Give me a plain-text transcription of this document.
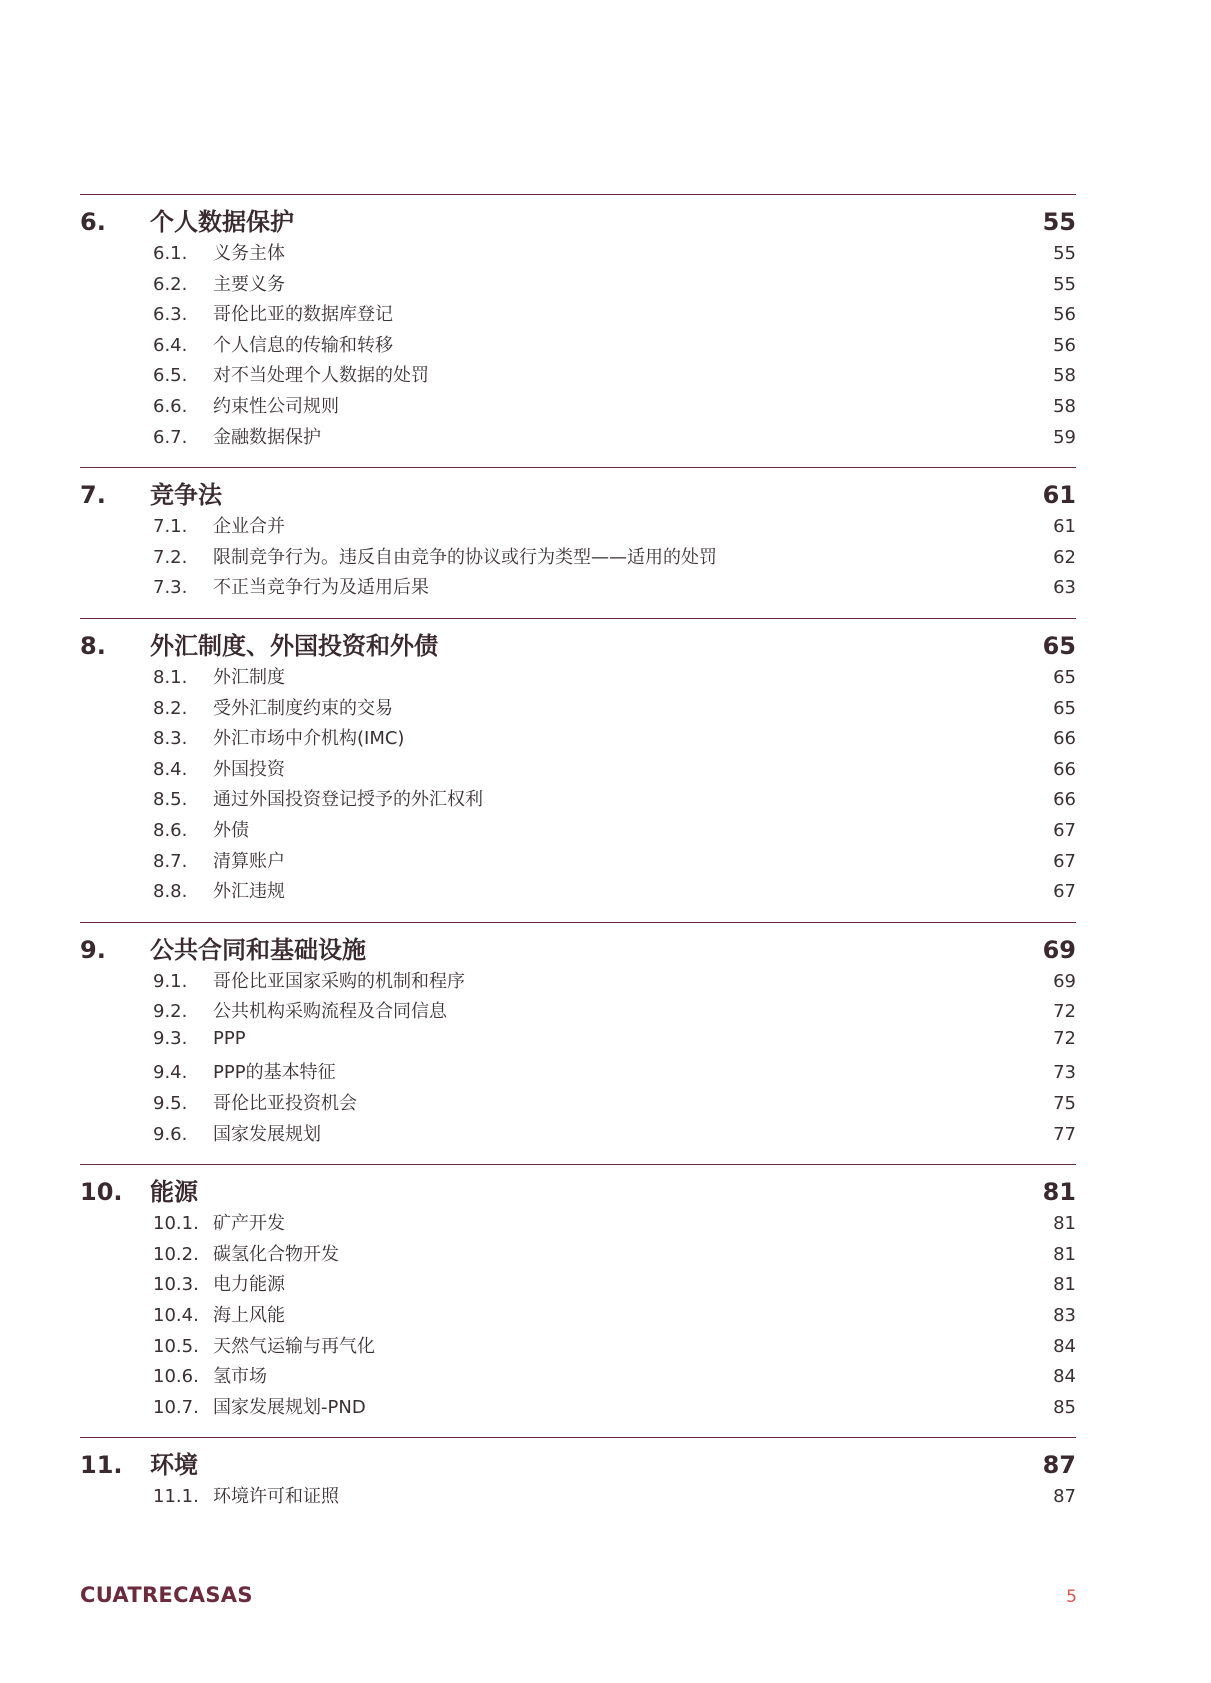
6.	个人数据保护	55
6.1.	义务主体	55
6.2.	主要义务	55
6.3.	哥伦比亚的数据库登记	56
6.4.	个人信息的传输和转移	56
6.5.	对不当处理个人数据的处罚	58
6.6.	约束性公司规则	58
6.7.	金融数据保护	59
7.	竞争法	61
7.1.	企业合并	61
7.2.	限制竞争行为。违反自由竞争的协议或行为类型——适用的处罚	62
7.3.	不正当竞争行为及适用后果	63
8.	外汇制度、外国投资和外债	65
8.1.	外汇制度	65
8.2.	受外汇制度约束的交易	65
8.3.	外汇市场中介机构(IMC)	66
8.4.	外国投资	66
8.5.	通过外国投资登记授予的外汇权利	66
8.6.	外债	67
8.7.	清算账户	67
8.8.	外汇违规	67
9.	公共合同和基础设施	69
9.1.	哥伦比亚国家采购的机制和程序	69
9.2.	公共机构采购流程及合同信息	72
9.3.	PPP	72
9.4.	PPP的基本特征	73
9.5.	哥伦比亚投资机会	75
9.6.	国家发展规划	77
10.	能源	81
10.1. 矿产开发	81
10.2. 碳氢化合物开发	81
10.3. 电力能源	81
10.4. 海上风能	83
10.5. 天然气运输与再气化	84
10.6. 氢市场	84
10.7. 国家发展规划-PND	85
11.	环境	87
11.1. 环境许可和证照	87
CUATRECASAS	5
